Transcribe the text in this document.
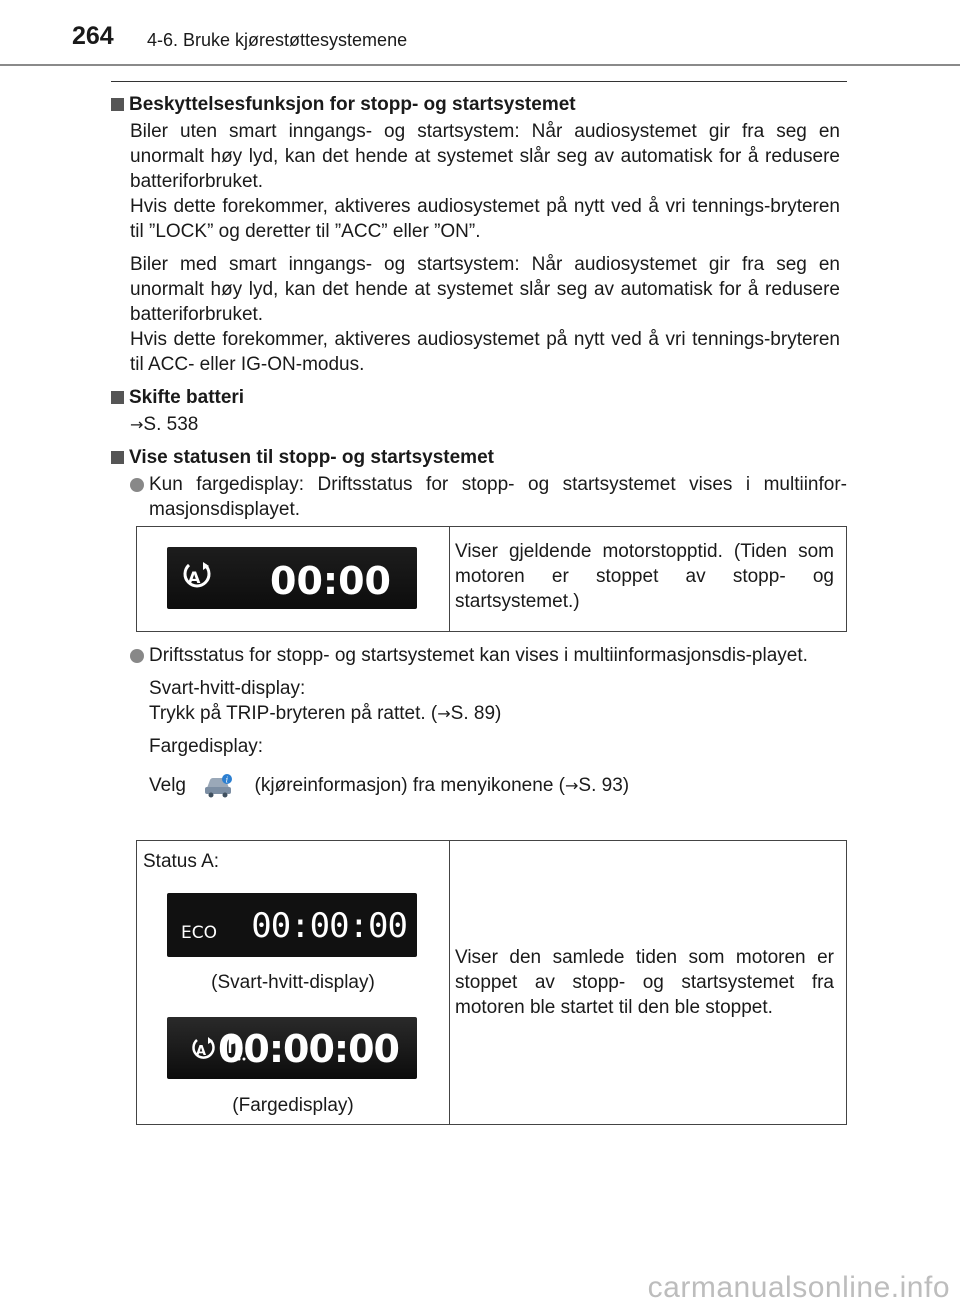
264 4-6. Bruke kjørestøttesystemene
Beskyttelsesfunksjon for stopp- og startsystemet
Biler uten smart inngangs- og startsystem: Når audiosystemet gir fra seg en unormalt høy lyd, kan det hende at systemet slår seg av automatisk for å redusere batteriforbruket.
Hvis dette forekommer, aktiveres audiosystemet på nytt ved å vri tennings-bryteren til ”LOCK” og deretter til ”ACC” eller ”ON”.
Biler med smart inngangs- og startsystem: Når audiosystemet gir fra seg en unormalt høy lyd, kan det hende at systemet slår seg av automatisk for å redusere batteriforbruket.
Hvis dette forekommer, aktiveres audiosystemet på nytt ved å vri tennings-bryteren til ACC- eller IG-ON-modus.
Skifte batteri
→S. 538
Vise statusen til stopp- og startsystemet
Kun fargedisplay: Driftsstatus for stopp- og startsystemet vises i multiinfor-masjonsdisplayet.
A 00:00
Viser gjeldende motorstopptid. (Tiden som motoren er stoppet av stopp- og startsystemet.)
Driftsstatus for stopp- og startsystemet kan vises i multiinformasjonsdis-playet.
Svart-hvitt-display:
Trykk på TRIP-bryteren på rattet. (→S. 89)
Fargedisplay:
Velg	i (kjøreinformasjon) fra menyikonene (→S. 93)
Status A:
ECO 00:00:00
(Svart-hvitt-display)
A 00:00:00
(Fargedisplay)
Viser den samlede tiden som motoren er stoppet av stopp- og startsystemet fra motoren ble startet til den ble stoppet.
carmanualsonline.info
